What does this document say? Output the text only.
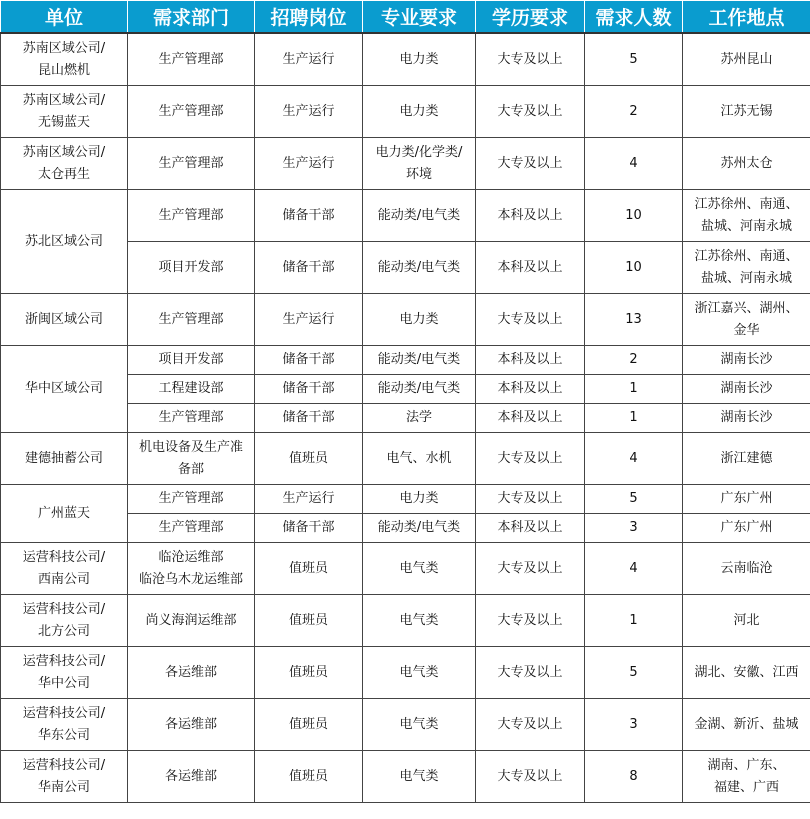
单位	需求部门	招聘岗位	专业要求	学历要求	需求人数	工作地点
苏南区域公司/
昆山燃机	生产管理部	生产运行	电力类	大专及以上	5	苏州昆山
苏南区域公司/
无锡蓝天	生产管理部	生产运行	电力类	大专及以上	2	江苏无锡
苏南区域公司/
太仓再生	生产管理部	生产运行	电力类/化学类/
环境	大专及以上	4	苏州太仓
苏北区域公司	生产管理部	储备干部	能动类/电气类	本科及以上	10	江苏徐州、南通、
盐城、河南永城
	项目开发部	储备干部	能动类/电气类	本科及以上	10	江苏徐州、南通、
盐城、河南永城
浙闽区域公司	生产管理部	生产运行	电力类	大专及以上	13	浙江嘉兴、湖州、
金华
华中区域公司	项目开发部	储备干部	能动类/电气类	本科及以上	2	湖南长沙
	工程建设部	储备干部	能动类/电气类	本科及以上	1	湖南长沙
	生产管理部	储备干部	法学	本科及以上	1	湖南长沙
建德抽蓄公司	机电设备及生产准
备部	值班员	电气、水机	大专及以上	4	浙江建德
广州蓝天	生产管理部	生产运行	电力类	大专及以上	5	广东广州
	生产管理部	储备干部	能动类/电气类	本科及以上	3	广东广州
运营科技公司/
西南公司	临沧运维部
临沧乌木龙运维部	值班员	电气类	大专及以上	4	云南临沧
运营科技公司/
北方公司	尚义海润运维部	值班员	电气类	大专及以上	1	河北
运营科技公司/
华中公司	各运维部	值班员	电气类	大专及以上	5	湖北、安徽、江西
运营科技公司/
华东公司	各运维部	值班员	电气类	大专及以上	3	金湖、新沂、盐城
运营科技公司/
华南公司	各运维部	值班员	电气类	大专及以上	8	湖南、广东、
福建、广西
